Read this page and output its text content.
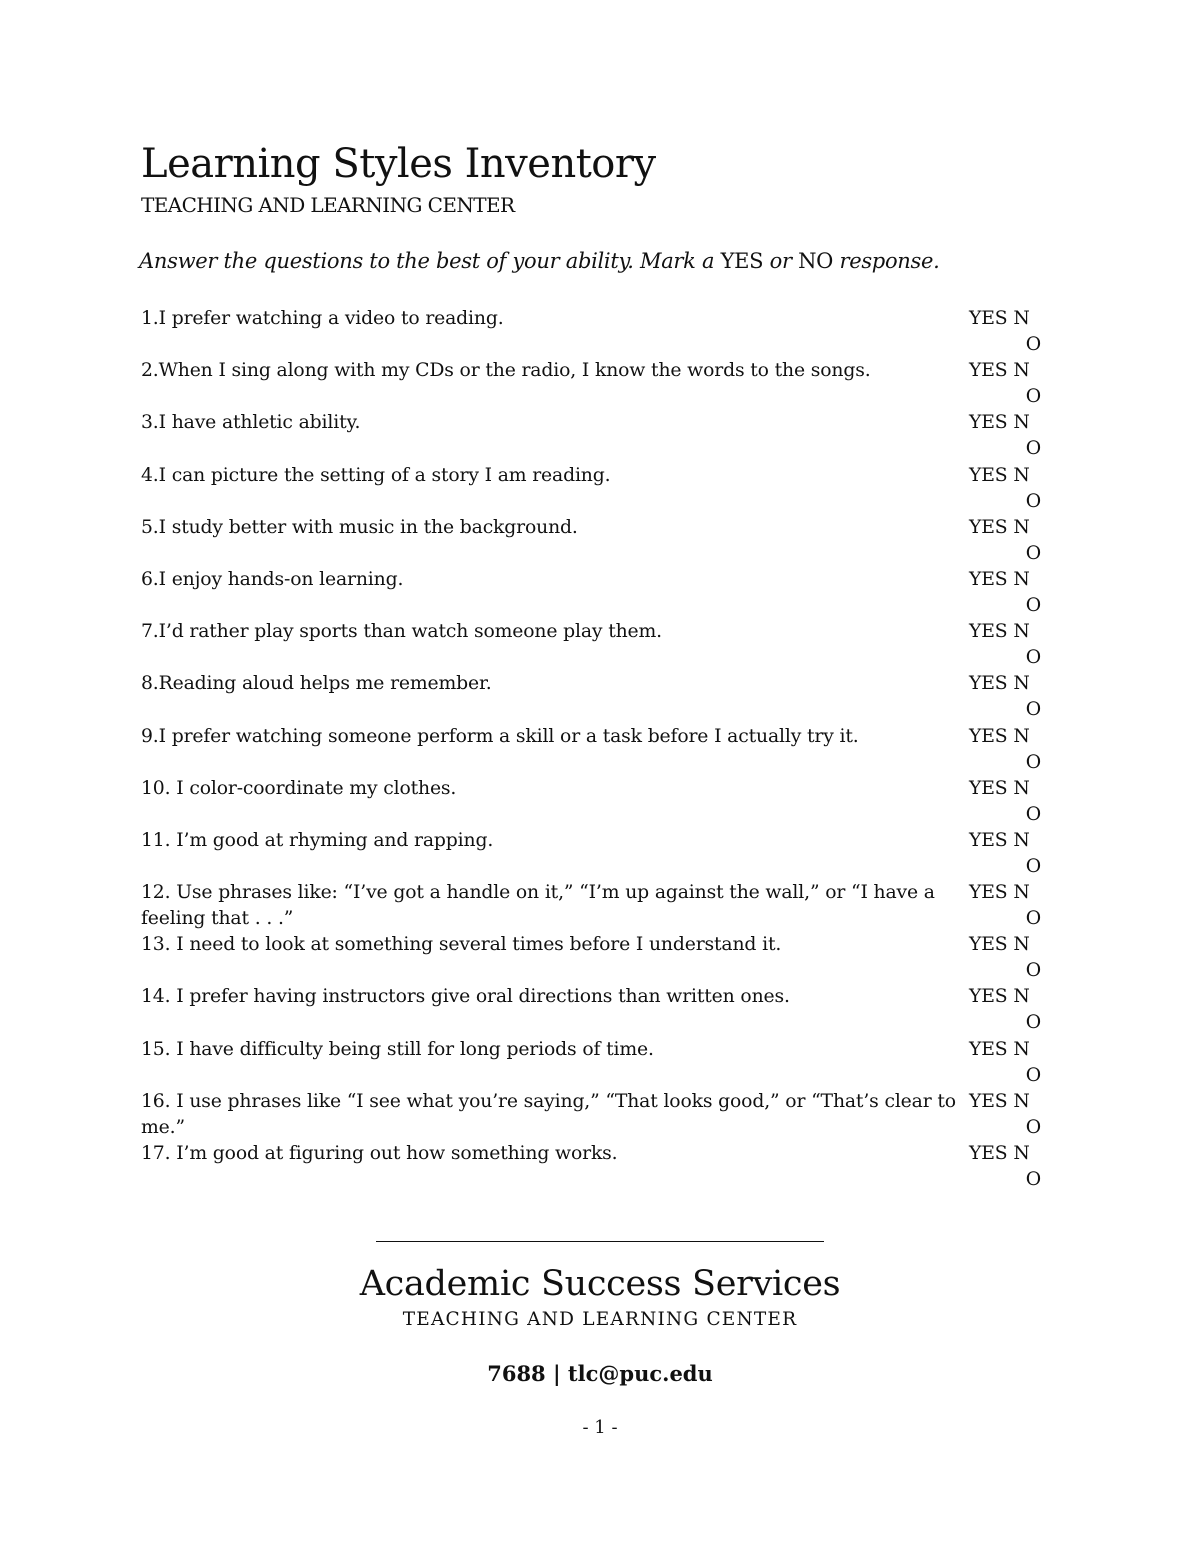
Learning Styles Inventory
TEACHING AND LEARNING CENTER
Answer the questions to the best of your ability. Mark a YES or NO response.
1.I prefer watching a video to reading.	YES N
O
2.When I sing along with my CDs or the radio, I know the words to the songs.	YES N
O
3.I have athletic ability.	YES N
O
4.I can picture the setting of a story I am reading.	YES N
O
5.I study better with music in the background.	YES N
O
6.I enjoy hands-on learning.	YES N
O
7.I’d rather play sports than watch someone play them.	YES N
O
8.Reading aloud helps me remember.	YES N
O
9.I prefer watching someone perform a skill or a task before I actually try it.	YES N
O
10. I color-coordinate my clothes.	YES N
O
11. I’m good at rhyming and rapping.	YES N
O
12. Use phrases like: “I’ve got a handle on it,” “I’m up against the wall,” or “I have a feeling that . . .”
YES N
O
13. I need to look at something several times before I understand it.	YES N
O
14. I prefer having instructors give oral directions than written ones.	YES N
O
15. I have difficulty being still for long periods of time.	YES N
O
16. I use phrases like “I see what you’re saying,” “That looks good,” or “That’s clear to me.”
YES N
O
17. I’m good at figuring out how something works.	YES N
O
Academic Success Services
TEACHING AND LEARNING CENTER
7688 | tlc@puc.edu
- 1 -
